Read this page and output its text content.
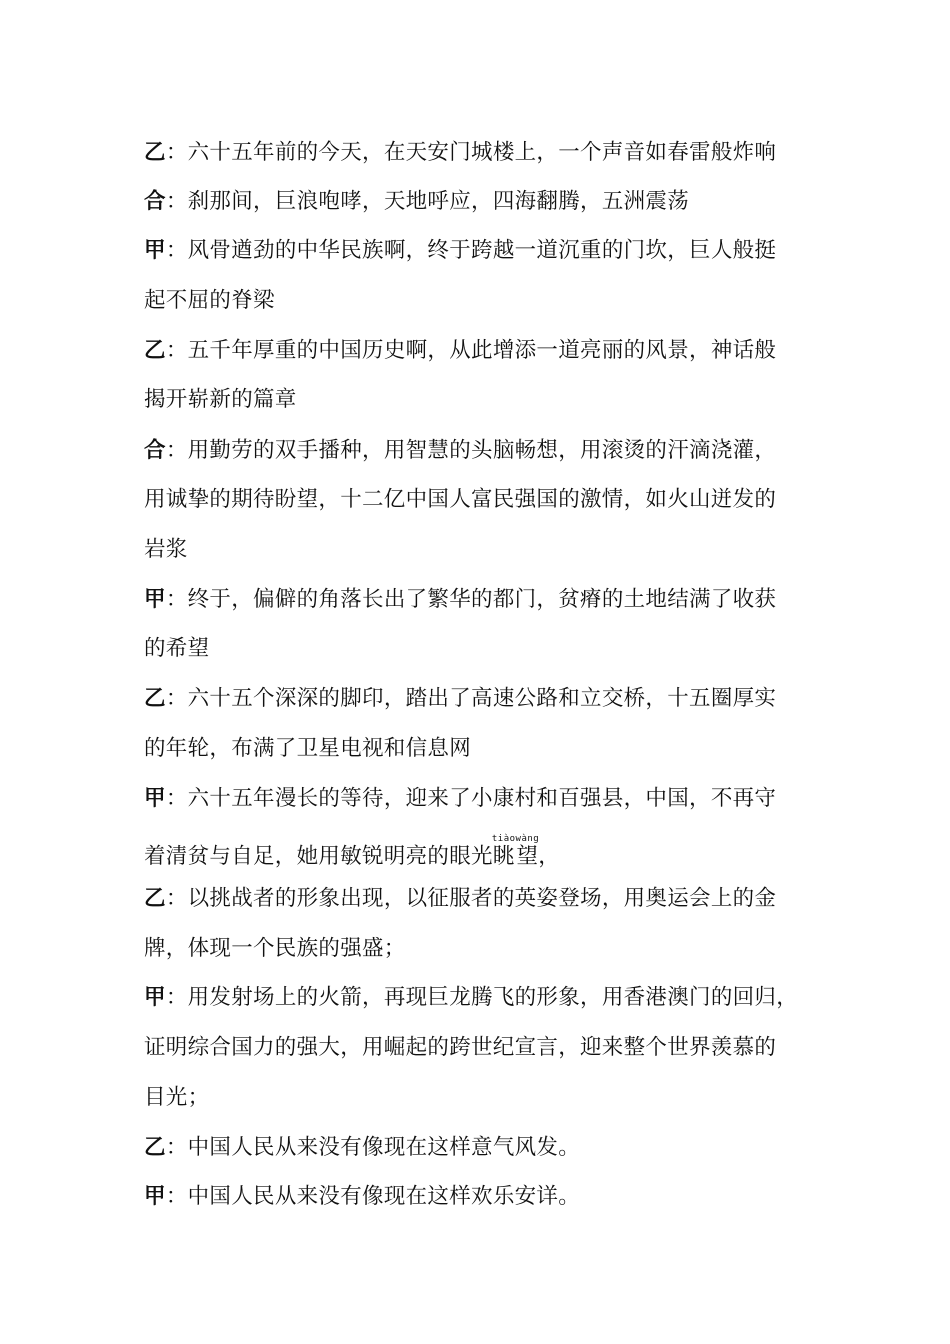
乙：六十五年前的今天，在天安门城楼上，一个声音如春雷般炸响
合：刹那间，巨浪咆哮，天地呼应，四海翻腾，五洲震荡
甲：风骨遒劲的中华民族啊，终于跨越一道沉重的门坎，巨人般挺
起不屈的脊梁
乙：五千年厚重的中国历史啊，从此增添一道亮丽的风景，神话般
揭开崭新的篇章
合：用勤劳的双手播种，用智慧的头脑畅想，用滚烫的汗滴浇灌，
用诚挚的期待盼望，十二亿中国人富民强国的激情，如火山迸发的
岩浆
甲：终于，偏僻的角落长出了繁华的都门，贫瘠的土地结满了收获
的希望
乙：六十五个深深的脚印，踏出了高速公路和立交桥，十五圈厚实
的年轮，布满了卫星电视和信息网
甲：六十五年漫长的等待，迎来了小康村和百强县，中国，不再守
着清贫与自足，她用敏锐明亮的眼光眺望tiàowàng，
乙：以挑战者的形象出现，以征服者的英姿登场，用奥运会上的金
牌，体现一个民族的强盛；
甲：用发射场上的火箭，再现巨龙腾飞的形象，用香港澳门的回归，
证明综合国力的强大，用崛起的跨世纪宣言，迎来整个世界羡慕的
目光；
乙：中国人民从来没有像现在这样意气风发。
甲：中国人民从来没有像现在这样欢乐安详。
